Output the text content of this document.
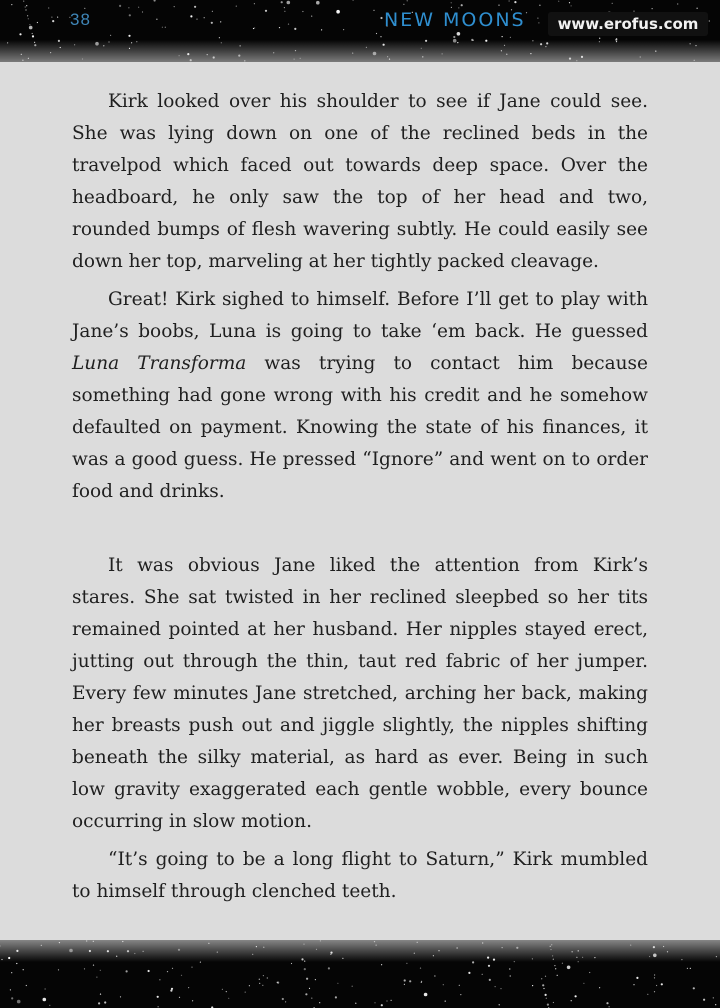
38	NEW MOONS	www.erofus.com

Kirk looked over his shoulder to see if Jane could see. She was lying down on one of the reclined beds in the travelpod which faced out towards deep space. Over the headboard, he only saw the top of her head and two, rounded bumps of flesh wavering subtly. He could easily see down her top, marveling at her tightly packed cleavage.

Great! Kirk sighed to himself. Before I’ll get to play with Jane’s boobs, Luna is going to take ‘em back. He guessed Luna Transforma was trying to contact him because something had gone wrong with his credit and he somehow defaulted on payment. Knowing the state of his finances, it was a good guess. He pressed “Ignore” and went on to order food and drinks.

It was obvious Jane liked the attention from Kirk’s stares. She sat twisted in her reclined sleepbed so her tits remained pointed at her husband. Her nipples stayed erect, jutting out through the thin, taut red fabric of her jumper. Every few minutes Jane stretched, arching her back, making her breasts push out and jiggle slightly, the nipples shifting beneath the silky material, as hard as ever. Being in such low gravity exaggerated each gentle wobble, every bounce occurring in slow motion.

“It’s going to be a long flight to Saturn,” Kirk mumbled to himself through clenched teeth.
